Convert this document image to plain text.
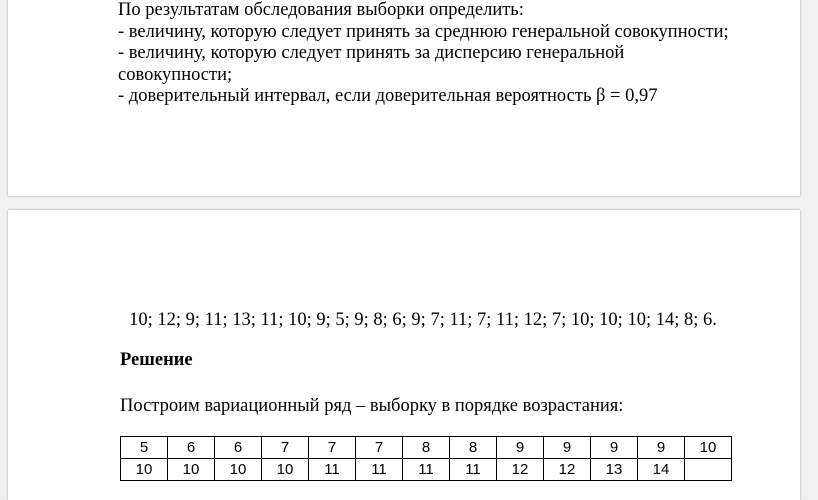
По результатам обследования выборки определить:
- величину, которую следует принять за среднюю генеральной совокупности;
- величину, которую следует принять за дисперсию генеральной
совокупности;
- доверительный интервал, если доверительная вероятность β = 0,97
10; 12; 9; 11; 13; 11; 10; 9; 5; 9; 8; 6; 9; 7; 11; 7; 11; 12; 7; 10; 10; 10; 14; 8; 6.
Решение
Построим вариационный ряд – выборку в порядке возрастания:
5	6	6	7	7	7	8	8	9	9	9	9	10
10	10	10	10	11	11	11	11	12	12	13	14	
